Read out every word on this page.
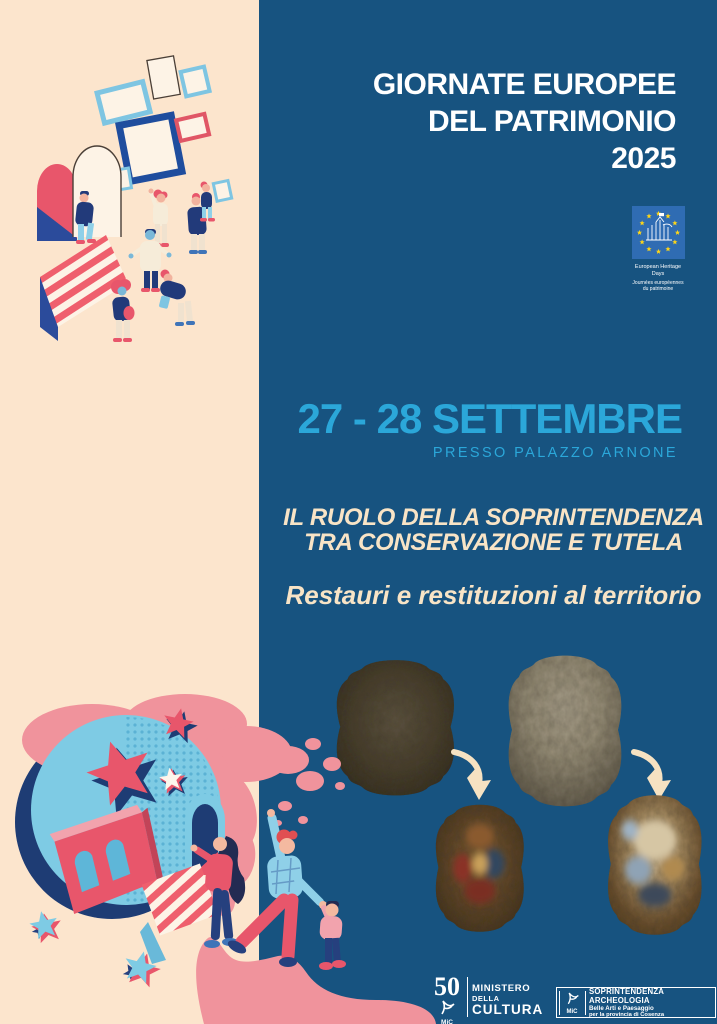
GIORNATE EUROPEE
DEL PATRIMONIO
2025
European Heritage Days
Journées européennes
du patrimoine
27 - 28 SETTEMBRE
PRESSO PALAZZO ARNONE
IL RUOLO DELLA SOPRINTENDENZA
TRA CONSERVAZIONE E TUTELA
Restauri e restituzioni al territorio
50
MiC
MINISTERO
DELLA
CULTURA	MiC
SOPRINTENDENZA ARCHEOLOGIA
Belle Arti e Paesaggio
per la provincia di Cosenza
